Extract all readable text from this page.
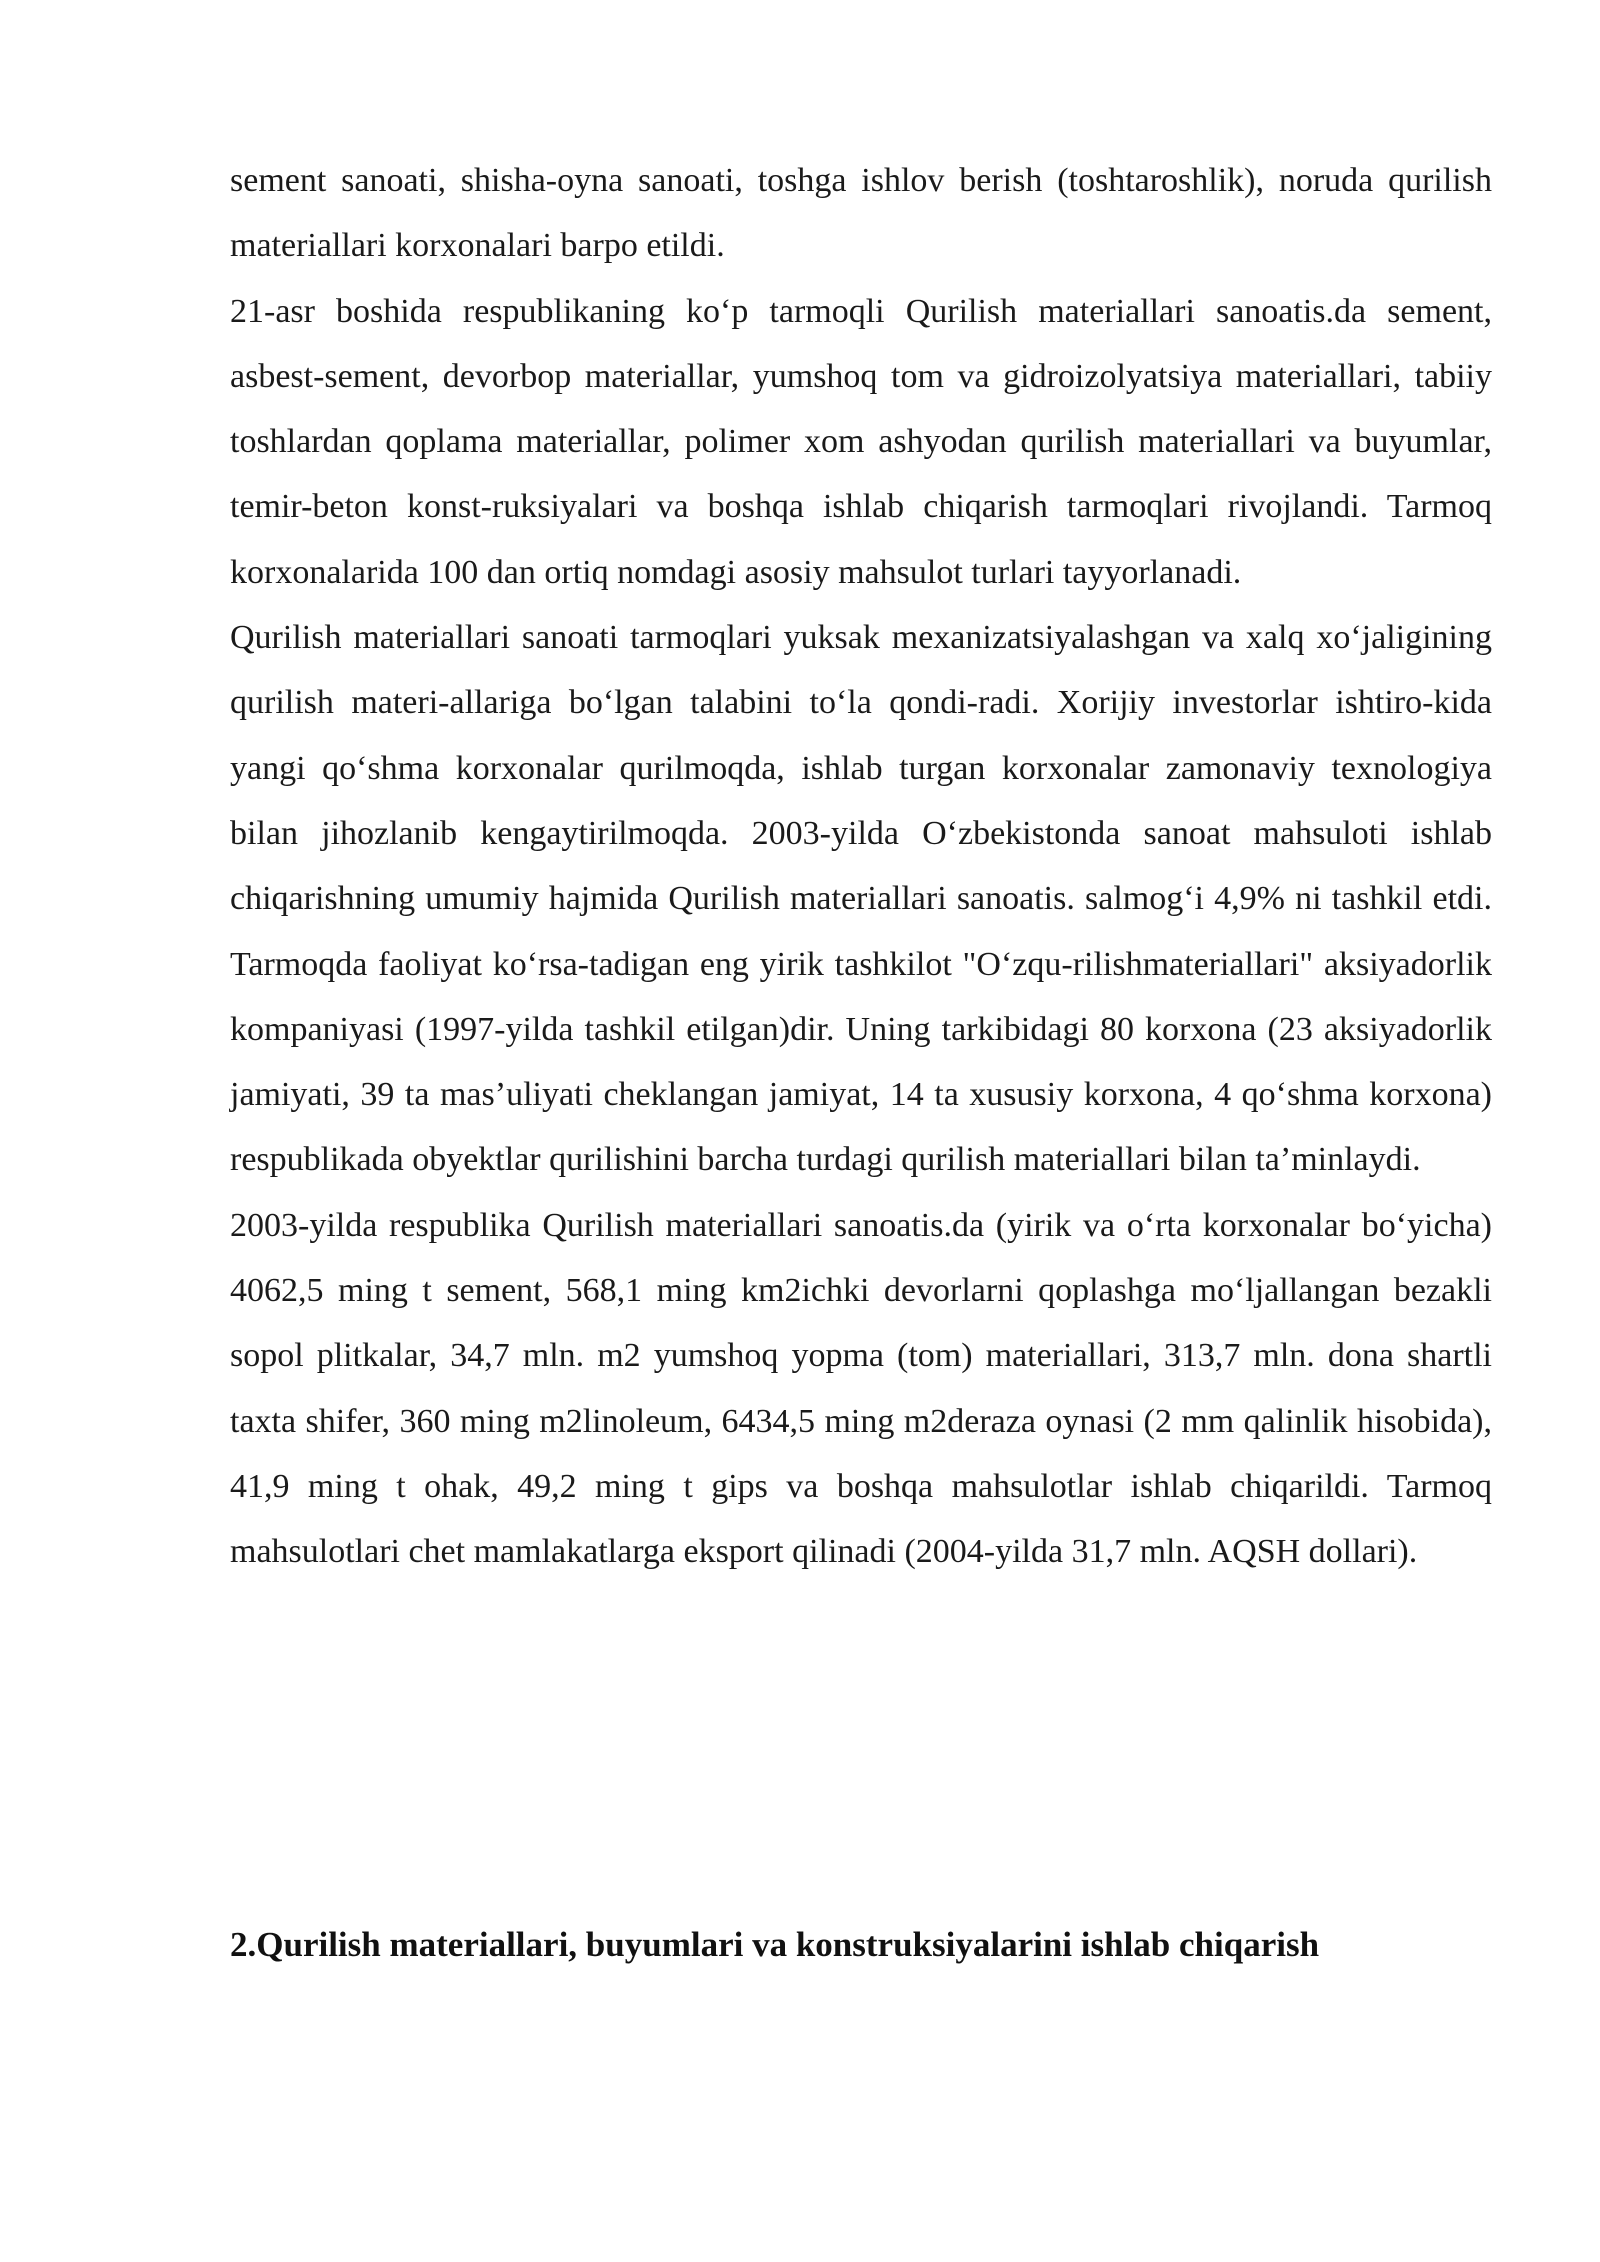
sement sanoati, shisha-oyna sanoati, toshga ishlov berish (toshtaroshlik), noruda qurilish materiallari korxonalari barpo etildi.

21-asr boshida respublikaning ko‘p tarmoqli Qurilish materiallari sanoatis.da sement, asbest-sement, devorbop materiallar, yumshoq tom va gidroizolyatsiya materiallari, tabiiy toshlardan qoplama materiallar, polimer xom ashyodan qurilish materiallari va buyumlar, temir-beton konst-ruksiyalari va boshqa ishlab chiqarish tarmoqlari rivojlandi. Tarmoq korxonalarida 100 dan ortiq nomdagi asosiy mahsulot turlari tayyorlanadi.

Qurilish materiallari sanoati tarmoqlari yuksak mexanizatsiyalashgan va xalq xo‘jaligining qurilish materi-allariga bo‘lgan talabini to‘la qondi-radi. Xorijiy investorlar ishtiro-kida yangi qo‘shma korxonalar qurilmoqda, ishlab turgan korxonalar zamonaviy texnologiya bilan jihozlanib kengaytirilmoqda. 2003-yilda O‘zbekistonda sanoat mahsuloti ishlab chiqarishning umumiy hajmida Qurilish materiallari sanoatis. salmog‘i 4,9% ni tashkil etdi. Tarmoqda faoliyat ko‘rsa-tadigan eng yirik tashkilot "O‘zqu-rilishmateriallari" aksiyadorlik kompaniyasi (1997-yilda tashkil etilgan)dir. Uning tarkibidagi 80 korxona (23 aksiyadorlik jamiyati, 39 ta mas’uliyati cheklangan jamiyat, 14 ta xususiy korxona, 4 qo‘shma korxona) respublikada obyektlar qurilishini barcha turdagi qurilish materiallari bilan ta’minlaydi.

2003-yilda respublika Qurilish materiallari sanoatis.da (yirik va o‘rta korxonalar bo‘yicha) 4062,5 ming t sement, 568,1 ming km2ichki devorlarni qoplashga mo‘ljallangan bezakli sopol plitkalar, 34,7 mln. m2 yumshoq yopma (tom) materiallari, 313,7 mln. dona shartli taxta shifer, 360 ming m2linoleum, 6434,5 ming m2deraza oynasi (2 mm qalinlik hisobida), 41,9 ming t ohak, 49,2 ming t gips va boshqa mahsulotlar ishlab chiqarildi. Tarmoq mahsulotlari chet mamlakatlarga eksport qilinadi (2004-yilda 31,7 mln. AQSH dollari).

2.Qurilish materiallari, buyumlari va konstruksiyalarini ishlab chiqarish
